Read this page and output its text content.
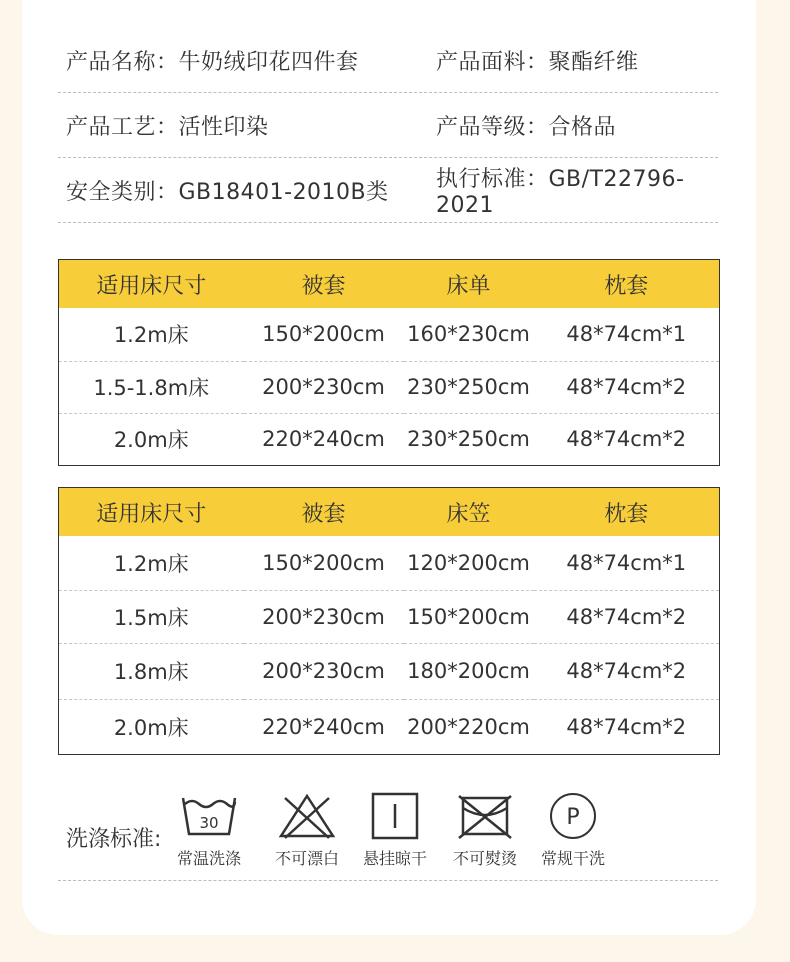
产品名称：牛奶绒印花四件套	产品面料：聚酯纤维
产品工艺：活性印染	产品等级：合格品
安全类别：GB18401-2010B类	执行标准：GB/T22796-2021
适用床尺寸	被套	床单	枕套
1.2m床	150*200cm	160*230cm	48*74cm*1
1.5-1.8m床	200*230cm	230*250cm	48*74cm*2
2.0m床	220*240cm	230*250cm	48*74cm*2
适用床尺寸	被套	床笠	枕套
1.2m床	150*200cm	120*200cm	48*74cm*1
1.5m床	200*230cm	150*200cm	48*74cm*2
1.8m床	200*230cm	180*200cm	48*74cm*2
2.0m床	220*240cm	200*220cm	48*74cm*2
洗涤标准:
30
常温洗涤	不可漂白	悬挂晾干	不可熨烫
P
常规干洗
